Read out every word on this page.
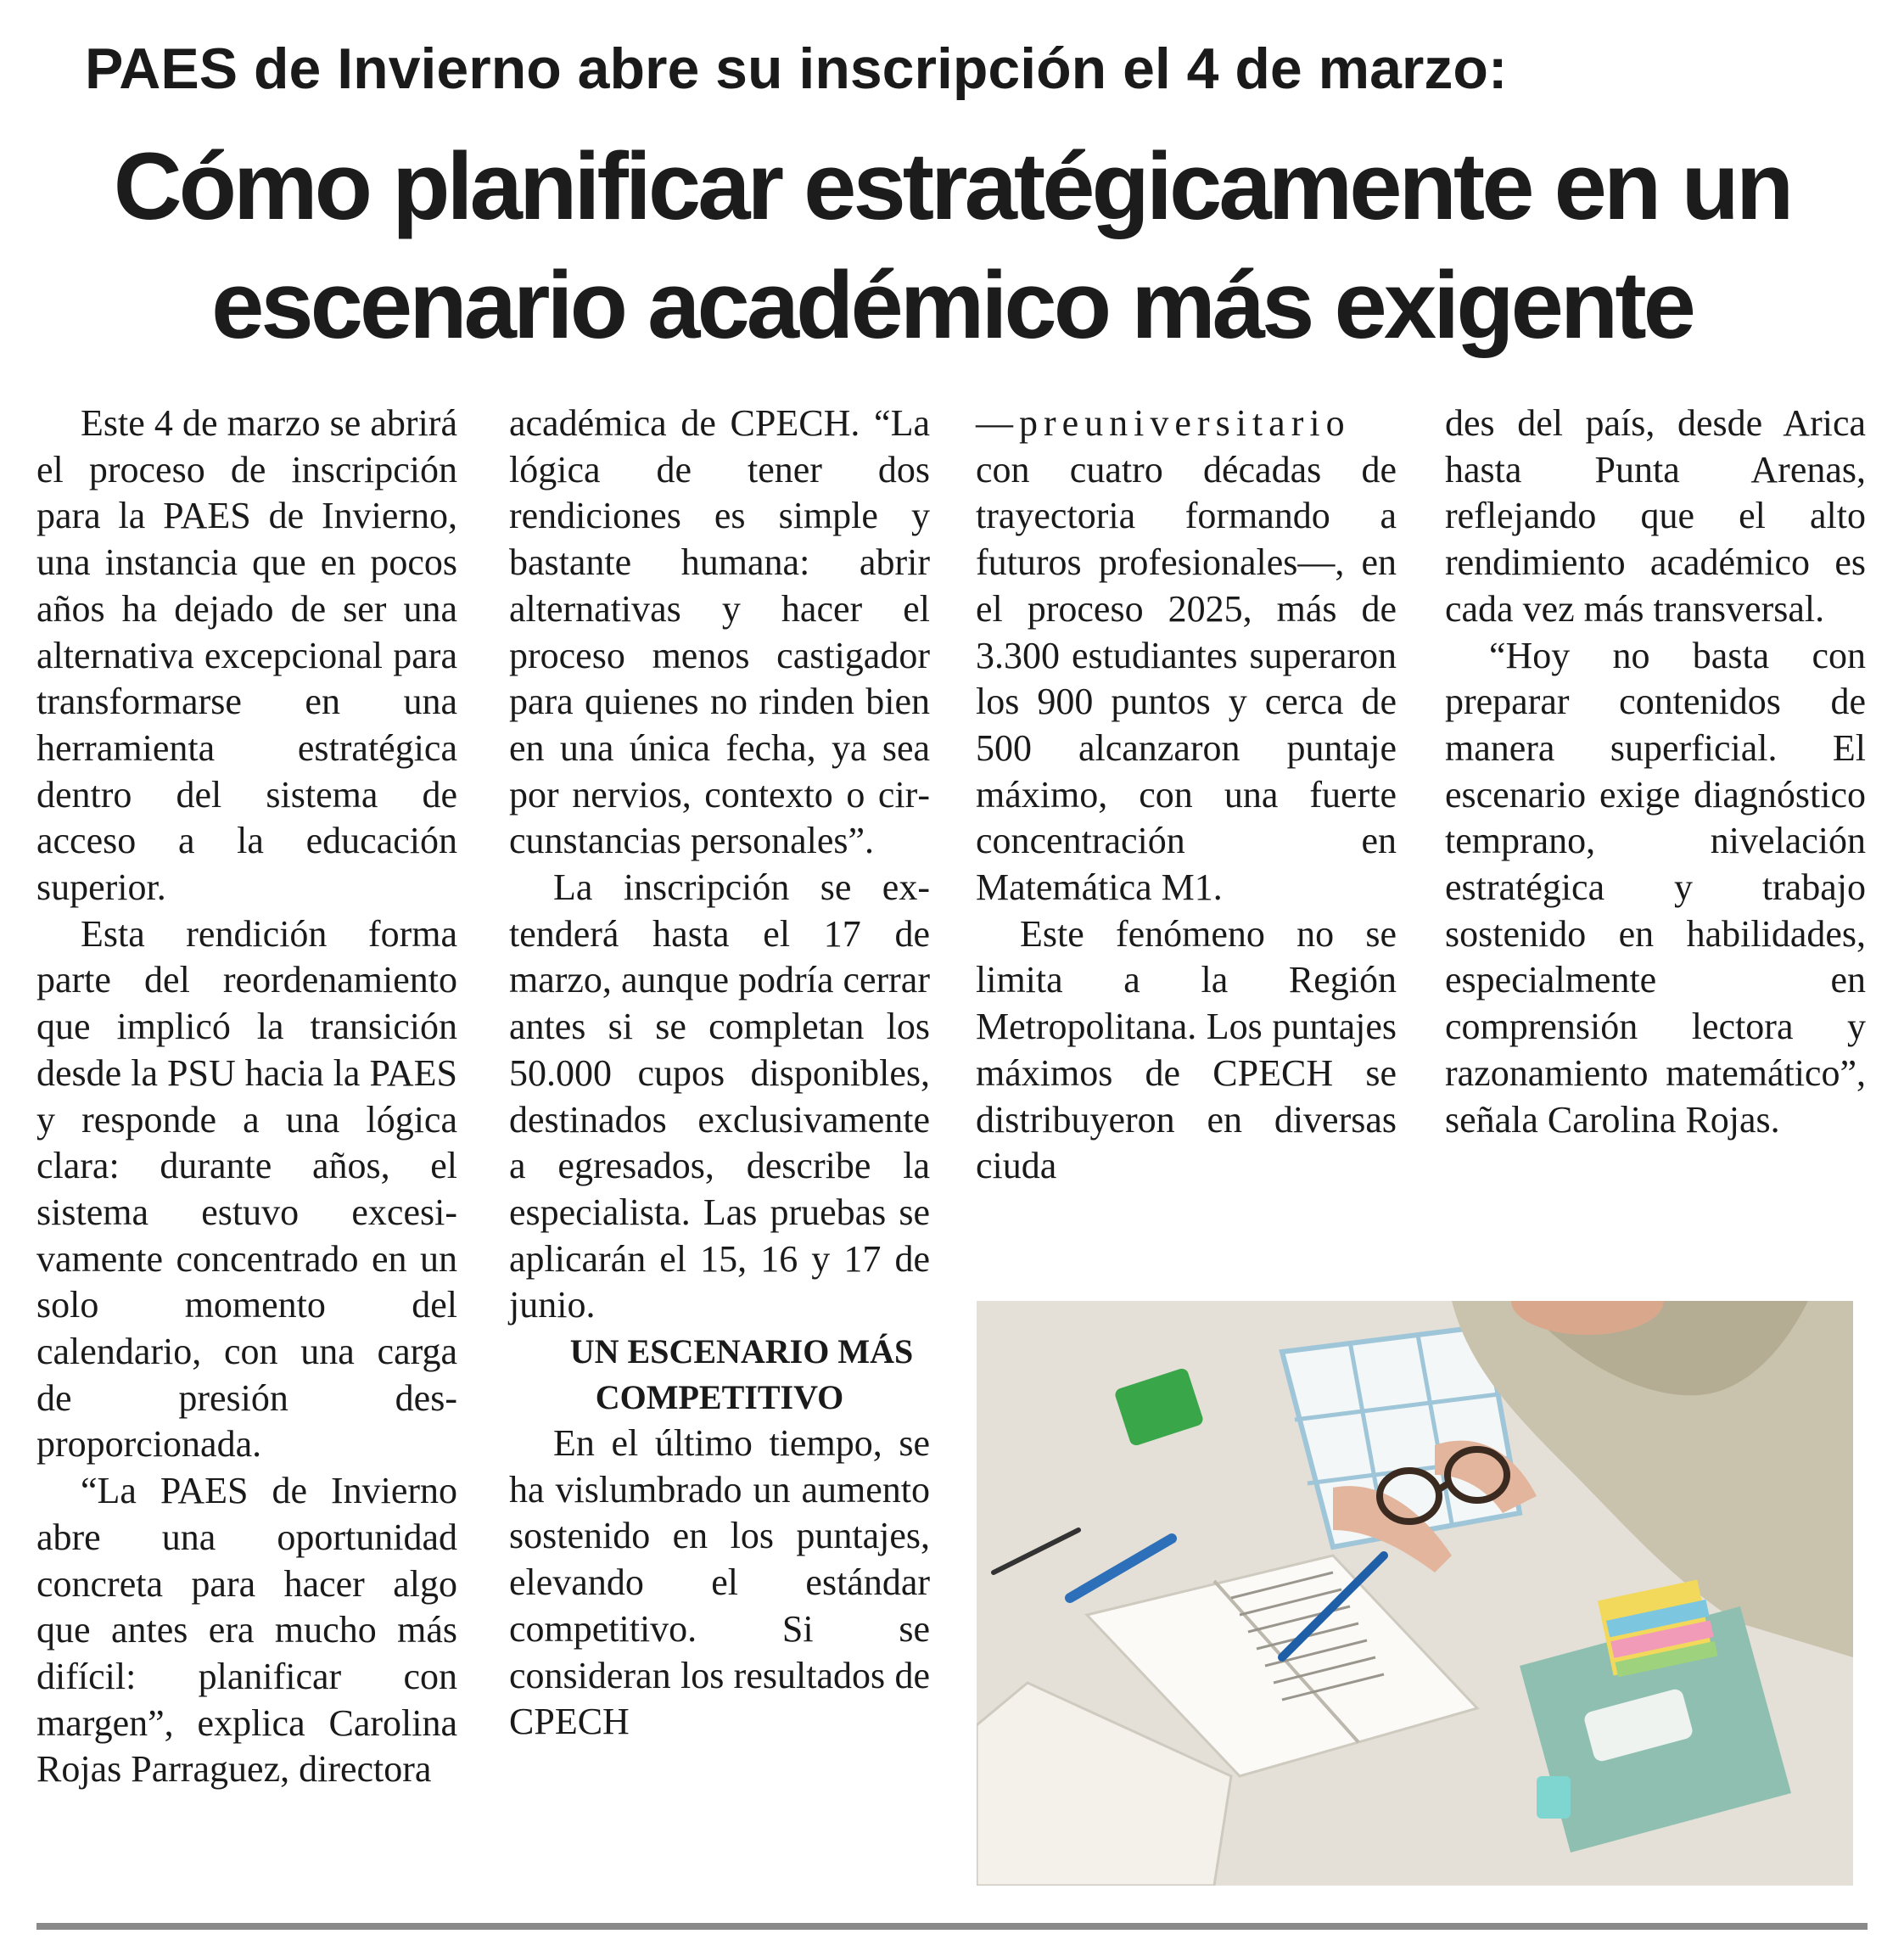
PAES de Invierno abre su inscripción el 4 de marzo:
Cómo planificar estratégicamente en un escenario académico más exigente

Este 4 de marzo se abrirá el proceso de inscripción para la PAES de Invierno, una instancia que en pocos años ha dejado de ser una alternativa excepcional para transformarse en una herramienta estratégica dentro del sistema de acceso a la educación superior.

Esta rendición forma parte del reordenamiento que implicó la transición desde la PSU hacia la PAES y responde a una lógica clara: durante años, el sistema estuvo excesivamente concentrado en un solo momento del calendario, con una carga de presión desproporcionada.

“La PAES de Invierno abre una oportunidad concreta para hacer algo que antes era mucho más difícil: planificar con margen”, explica Carolina Rojas Parraguez, directora

académica de CPECH. “La lógica de tener dos rendiciones es simple y bastante humana: abrir alternativas y hacer el proceso menos castigador para quienes no rinden bien en una única fecha, ya sea por nervios, contexto o circunstancias personales”.

La inscripción se extenderá hasta el 17 de marzo, aunque podría cerrar antes si se completan los 50.000 cupos disponibles, destinados exclusivamente a egresados, describe la especialista. Las pruebas se aplicarán el 15, 16 y 17 de junio.

UN ESCENARIO MÁS COMPETITIVO

En el último tiempo, se ha vislumbrado un aumento sostenido en los puntajes, elevando el estándar competitivo. Si se consideran los resultados de CPECH

—preuniversitario

con cuatro décadas de trayectoria formando a futuros profesionales—, en el proceso 2025, más de 3.300 estudiantes superaron los 900 puntos y cerca de 500 alcanzaron puntaje máximo, con una fuerte concentración en Matemática M1.

Este fenómeno no se limita a la Región Metropolitana. Los puntajes máximos de CPECH se distribuyeron en diversas ciuda

des del país, desde Arica hasta Punta Arenas, reflejando que el alto rendimiento académico es cada vez más transversal.

“Hoy no basta con preparar contenidos de manera superficial. El escenario exige diagnóstico temprano, nivelación estratégica y trabajo sostenido en habilidades, especialmente en comprensión lectora y razonamiento matemático”, señala Carolina Rojas.
